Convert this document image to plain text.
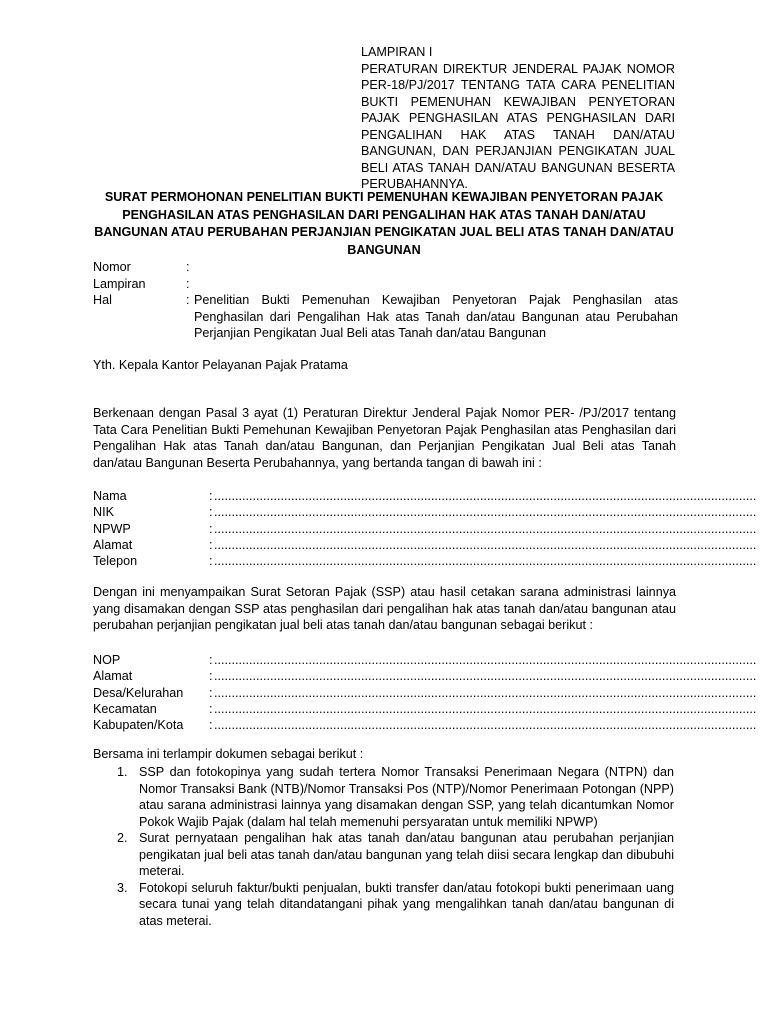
LAMPIRAN I
PERATURAN DIREKTUR JENDERAL PAJAK NOMOR PER-18/PJ/2017 TENTANG TATA CARA PENELITIAN BUKTI PEMENUHAN KEWAJIBAN PENYETORAN PAJAK PENGHASILAN ATAS PENGHASILAN DARI PENGALIHAN HAK ATAS TANAH DAN/ATAU BANGUNAN, DAN PERJANJIAN PENGIKATAN JUAL BELI ATAS TANAH DAN/ATAU BANGUNAN BESERTA PERUBAHANNYA.
SURAT PERMOHONAN PENELITIAN BUKTI PEMENUHAN KEWAJIBAN PENYETORAN PAJAK PENGHASILAN ATAS PENGHASILAN DARI PENGALIHAN HAK ATAS TANAH DAN/ATAU BANGUNAN ATAU PERUBAHAN PERJANJIAN PENGIKATAN JUAL BELI ATAS TANAH DAN/ATAU BANGUNAN
Nomor	:
Lampiran	:
Hal	: Penelitian Bukti Pemenuhan Kewajiban Penyetoran Pajak Penghasilan atas Penghasilan dari Pengalihan Hak atas Tanah dan/atau Bangunan atau Perubahan Perjanjian Pengikatan Jual Beli atas Tanah dan/atau Bangunan
Yth. Kepala Kantor Pelayanan Pajak Pratama
Berkenaan dengan Pasal 3 ayat (1) Peraturan Direktur Jenderal Pajak Nomor PER- /PJ/2017 tentang Tata Cara Penelitian Bukti Pemehunan Kewajiban Penyetoran Pajak Penghasilan atas Penghasilan dari Pengalihan Hak atas Tanah dan/atau Bangunan, dan Perjanjian Pengikatan Jual Beli atas Tanah dan/atau Bangunan Beserta Perubahannya, yang bertanda tangan di bawah ini :
Nama	: ...........................................................................................................................................................
NIK	: ...........................................................................................................................................................
NPWP	: ...........................................................................................................................................................
Alamat	: ...........................................................................................................................................................
Telepon	: ...........................................................................................................................................................
Dengan ini menyampaikan Surat Setoran Pajak (SSP) atau hasil cetakan sarana administrasi lainnya yang disamakan dengan SSP atas penghasilan dari pengalihan hak atas tanah dan/atau bangunan atau perubahan perjanjian pengikatan jual beli atas tanah dan/atau bangunan sebagai berikut :
NOP	: ...........................................................................................................................................................
Alamat	: ...........................................................................................................................................................
Desa/Kelurahan	: ...........................................................................................................................................................
Kecamatan	: ...........................................................................................................................................................
Kabupaten/Kota	: ...........................................................................................................................................................
Bersama ini terlampir dokumen sebagai berikut :
1. SSP dan fotokopinya yang sudah tertera Nomor Transaksi Penerimaan Negara (NTPN) dan Nomor Transaksi Bank (NTB)/Nomor Transaksi Pos (NTP)/Nomor Penerimaan Potongan (NPP) atau sarana administrasi lainnya yang disamakan dengan SSP, yang telah dicantumkan Nomor Pokok Wajib Pajak (dalam hal telah memenuhi persyaratan untuk memiliki NPWP)
2. Surat pernyataan pengalihan hak atas tanah dan/atau bangunan atau perubahan perjanjian pengikatan jual beli atas tanah dan/atau bangunan yang telah diisi secara lengkap dan dibubuhi meterai.
3. Fotokopi seluruh faktur/bukti penjualan, bukti transfer dan/atau fotokopi bukti penerimaan uang secara tunai yang telah ditandatangani pihak yang mengalihkan tanah dan/atau bangunan di atas meterai.
